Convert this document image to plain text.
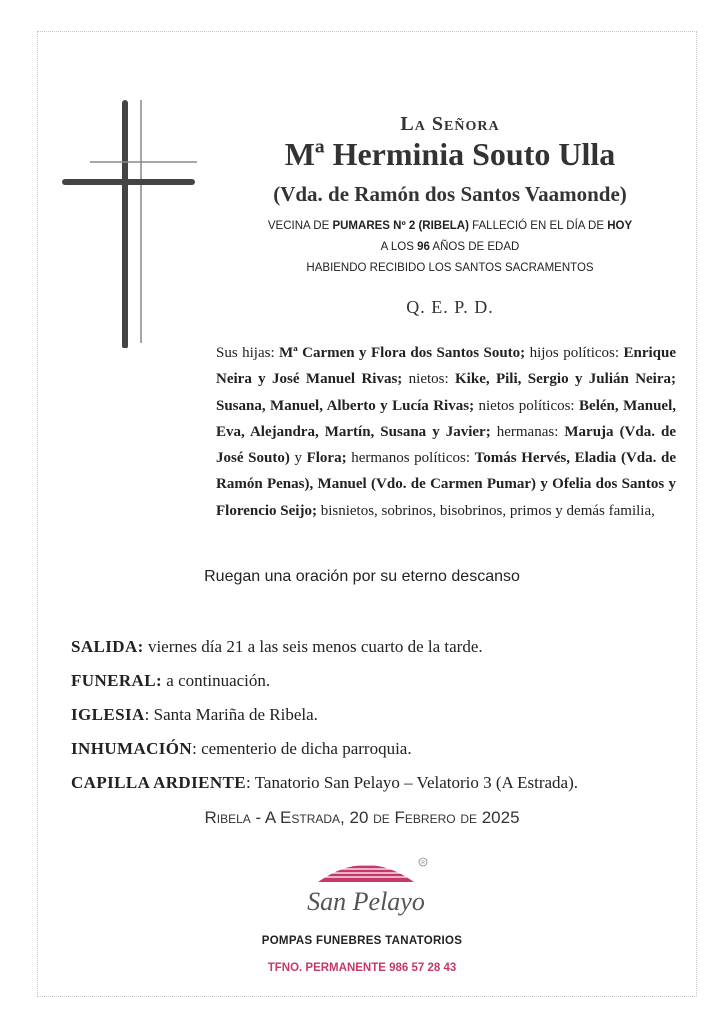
La Señora
Mª Herminia Souto Ulla
(Vda. de Ramón dos Santos Vaamonde)
VECINA DE PUMARES Nº 2 (RIBELA) FALLECIÓ EN EL DÍA DE HOY
A LOS 96 AÑOS DE EDAD
HABIENDO RECIBIDO LOS SANTOS SACRAMENTOS
Q. E. P. D.
Sus hijas: Mª Carmen y Flora dos Santos Souto; hijos políticos: Enrique Neira y José Manuel Rivas; nietos: Kike, Pili, Sergio y Julián Neira; Susana, Manuel, Alberto y Lucía Rivas; nietos políticos: Belén, Manuel, Eva, Alejandra, Martín, Susana y Javier; hermanas: Maruja (Vda. de José Souto) y Flora; hermanos políticos: Tomás Hervés, Eladia (Vda. de Ramón Penas), Manuel (Vdo. de Carmen Pumar) y Ofelia dos Santos y Florencio Seijo; bisnietos, sobrinos, bisobrinos, primos y demás familia,
Ruegan una oración por su eterno descanso
SALIDA: viernes día 21 a las seis menos cuarto de la tarde.
FUNERAL: a continuación.
IGLESIA: Santa Mariña de Ribela.
INHUMACIÓN: cementerio de dicha parroquia.
CAPILLA ARDIENTE: Tanatorio San Pelayo – Velatorio 3 (A Estrada).
Ribela - A Estrada, 20 de Febrero de 2025
R
San Pelayo
POMPAS FUNEBRES TANATORIOS
TFNO. PERMANENTE 986 57 28 43
